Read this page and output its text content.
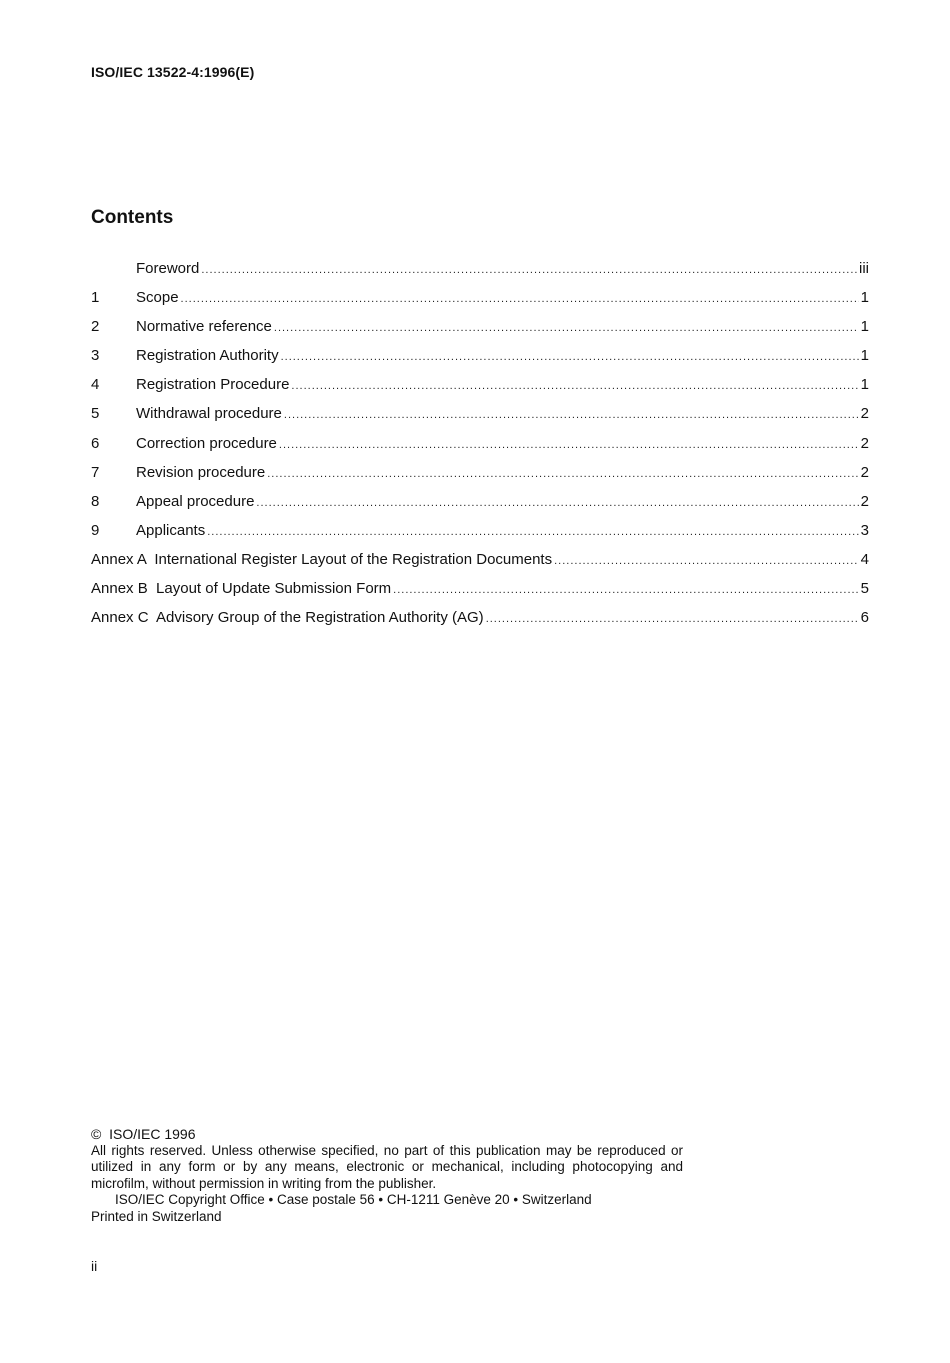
ISO/IEC 13522-4:1996(E)
Contents
Foreword .....	iii
1	Scope .....	1
2	Normative reference .....	1
3	Registration Authority .....	1
4	Registration Procedure .....	1
5	Withdrawal procedure .....	2
6	Correction procedure .....	2
7	Revision procedure .....	2
8	Appeal procedure .....	2
9	Applicants .....	3
Annex A  International Register Layout of the Registration Documents .....	4
Annex B  Layout of Update Submission Form .....	5
Annex C  Advisory Group of the Registration Authority (AG) .....	6

©  ISO/IEC 1996

All rights reserved. Unless otherwise specified, no part of this publication may be reproduced or utilized in any form or by any means, electronic or mechanical, including photocopying and microfilm, without permission in writing from the publisher.

ISO/IEC Copyright Office • Case postale 56 • CH-1211 Genève 20 • Switzerland

Printed in Switzerland

ii
